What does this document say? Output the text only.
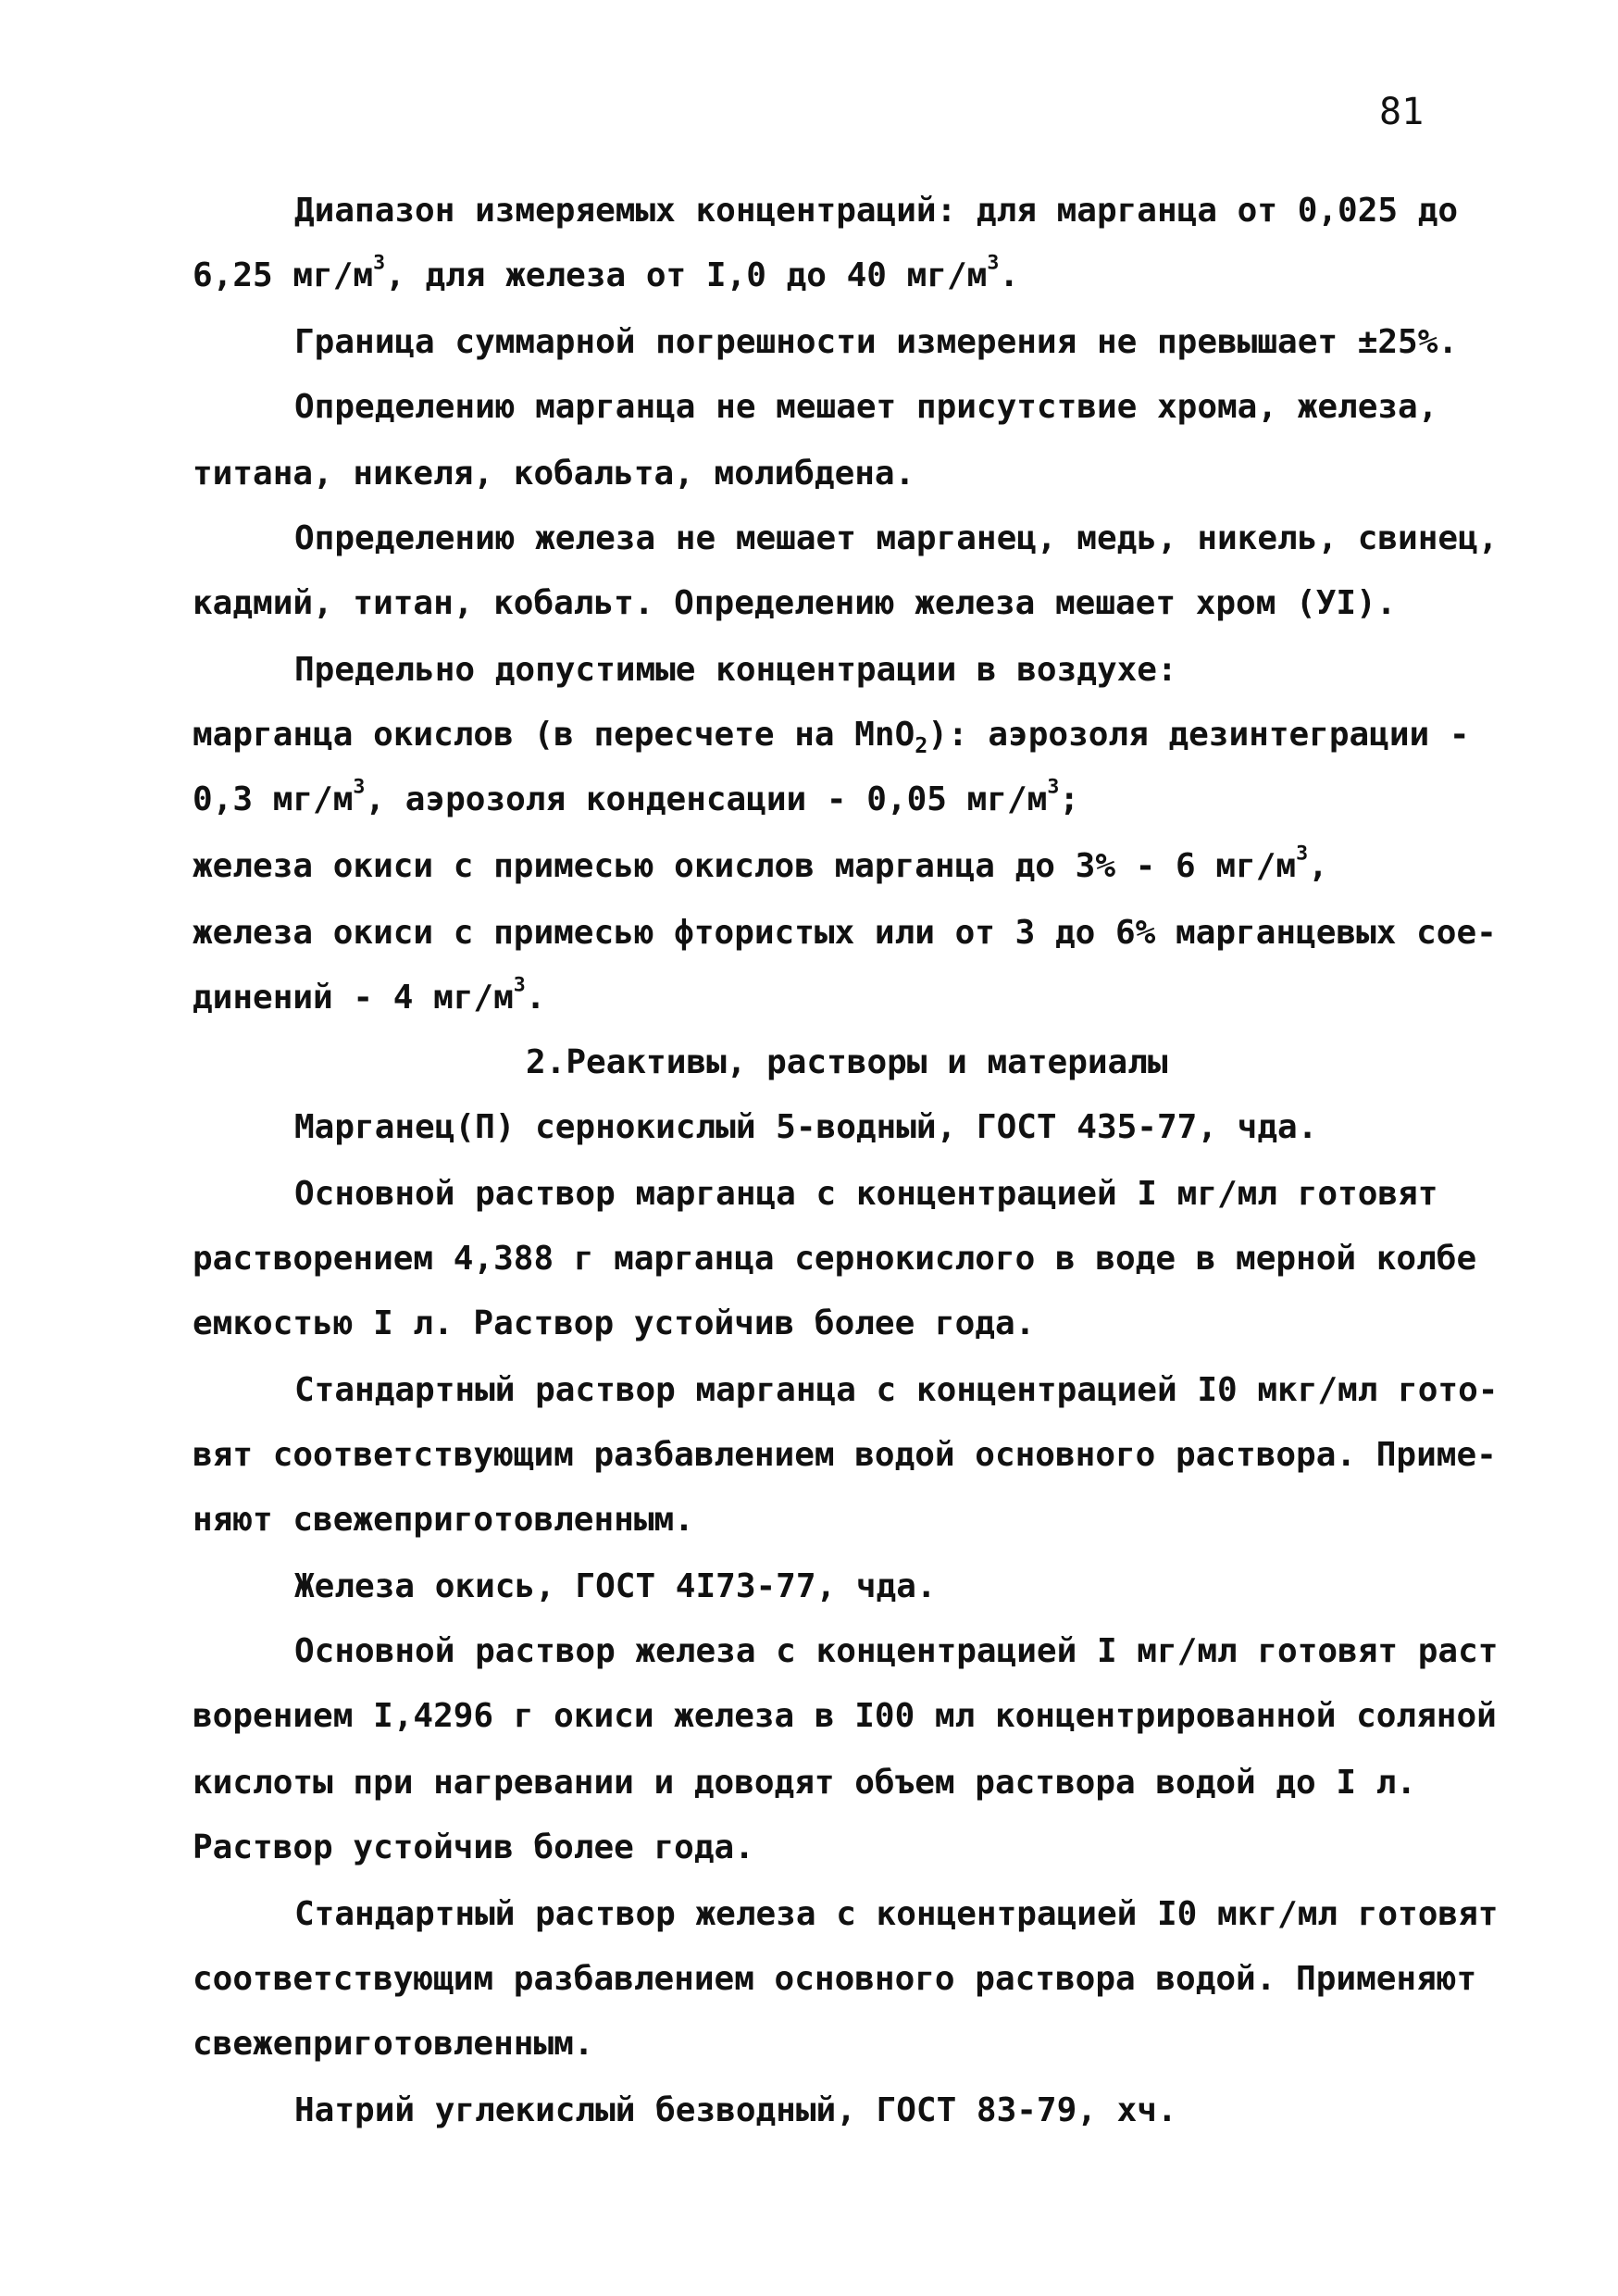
81
Диапазон измеряемых концентраций: для марганца от 0,025 до
6,25 $мг/м^3$, для железа от I,0 до 40 $мг/м^3$.
Граница суммарной погрешности измерения не превышает ±25%.
Определению марганца не мешает присутствие хрома, железа,
титана, никеля, кобальта, молибдена.
Определению железа не мешает марганец, медь, никель, свинец,
кадмий, титан, кобальт. Определению железа мешает хром (УI).
Предельно допустимые концентрации в воздухе:
марганца окислов (в пересчете на MnO$_2$): аэрозоля дезинтеграции -
0,3 $мг/м^3$, аэрозоля конденсации - 0,05 $мг/м^3$;
железа окиси с примесью окислов марганца до 3% - 6 $мг/м^3$,
железа окиси с примесью фтористых или от 3 до 6% марганцевых сое-
динений - 4 $мг/м^3$.
2.Реактивы, растворы и материалы
Марганец(П) сернокислый 5-водный, ГОСТ 435-77, чда.
Основной раствор марганца с концентрацией I мг/мл готовят
растворением 4,388 г марганца сернокислого в воде в мерной колбе
емкостью I л. Раствор устойчив более года.
Стандартный раствор марганца с концентрацией I0 мкг/мл гото-
вят соответствующим разбавлением водой основного раствора. Приме-
няют свежеприготовленным.
Железа окись, ГОСТ 4I73-77, чда.
Основной раствор железа с концентрацией I мг/мл готовят раст
ворением I,4296 г окиси железа в I00 мл концентрированной соляной
кислоты при нагревании и доводят объем раствора водой до I л.
Раствор устойчив более года.
Стандартный раствор железа с концентрацией I0 мкг/мл готовят
соответствующим разбавлением основного раствора водой. Применяют
свежеприготовленным.
Натрий углекислый безводный, ГОСТ 83-79, хч.
